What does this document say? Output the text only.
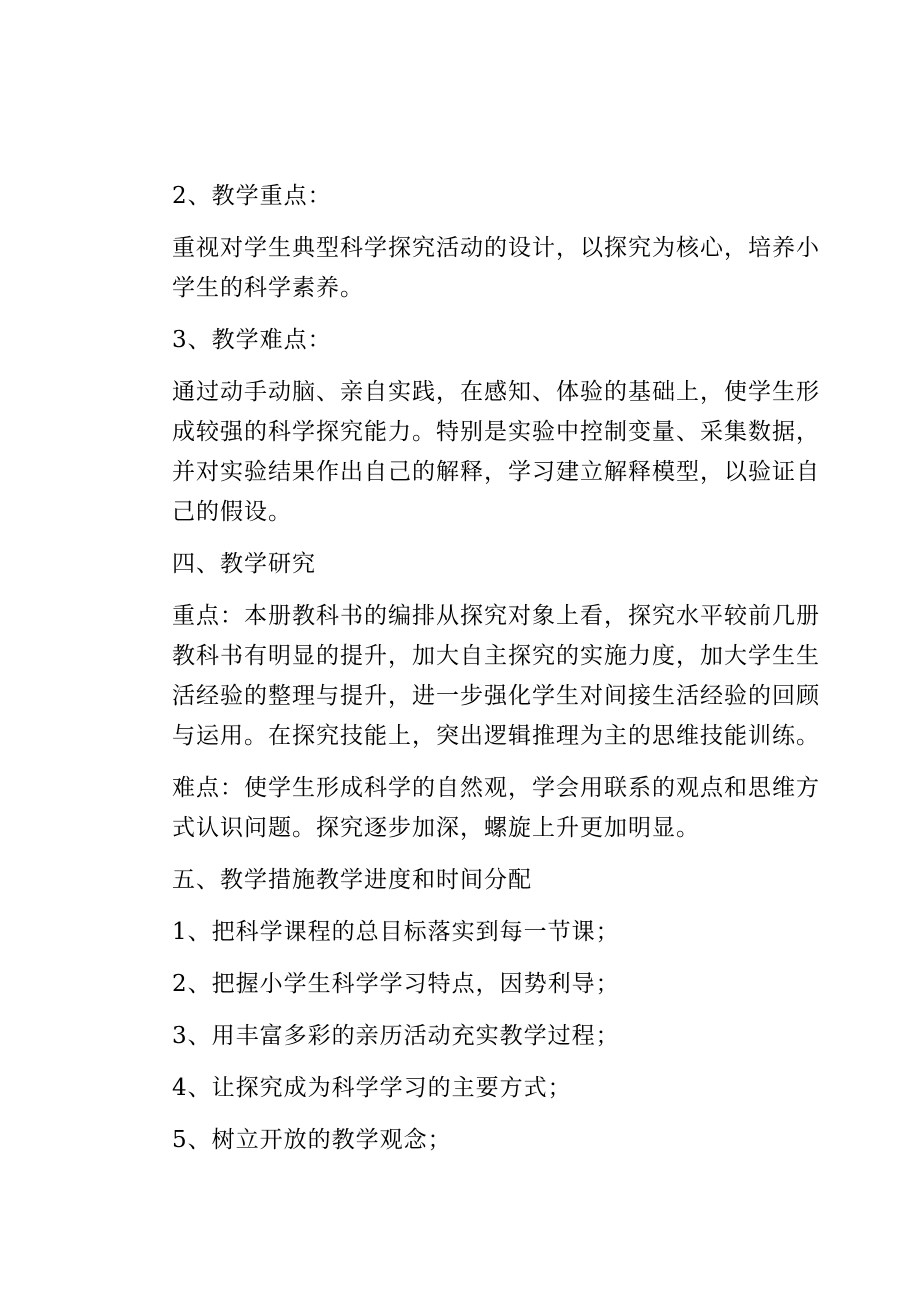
2、教学重点：

重视对学生典型科学探究活动的设计，以探究为核心，培养小学生的科学素养。

3、教学难点：

通过动手动脑、亲自实践，在感知、体验的基础上，使学生形成较强的科学探究能力。特别是实验中控制变量、采集数据，并对实验结果作出自己的解释，学习建立解释模型，以验证自己的假设。

四、教学研究

重点：本册教科书的编排从探究对象上看，探究水平较前几册教科书有明显的提升，加大自主探究的实施力度，加大学生生活经验的整理与提升，进一步强化学生对间接生活经验的回顾与运用。在探究技能上，突出逻辑推理为主的思维技能训练。

难点：使学生形成科学的自然观，学会用联系的观点和思维方式认识问题。探究逐步加深，螺旋上升更加明显。

五、教学措施教学进度和时间分配

1、把科学课程的总目标落实到每一节课；

2、把握小学生科学学习特点，因势利导；

3、用丰富多彩的亲历活动充实教学过程；

4、让探究成为科学学习的主要方式；

5、树立开放的教学观念；
